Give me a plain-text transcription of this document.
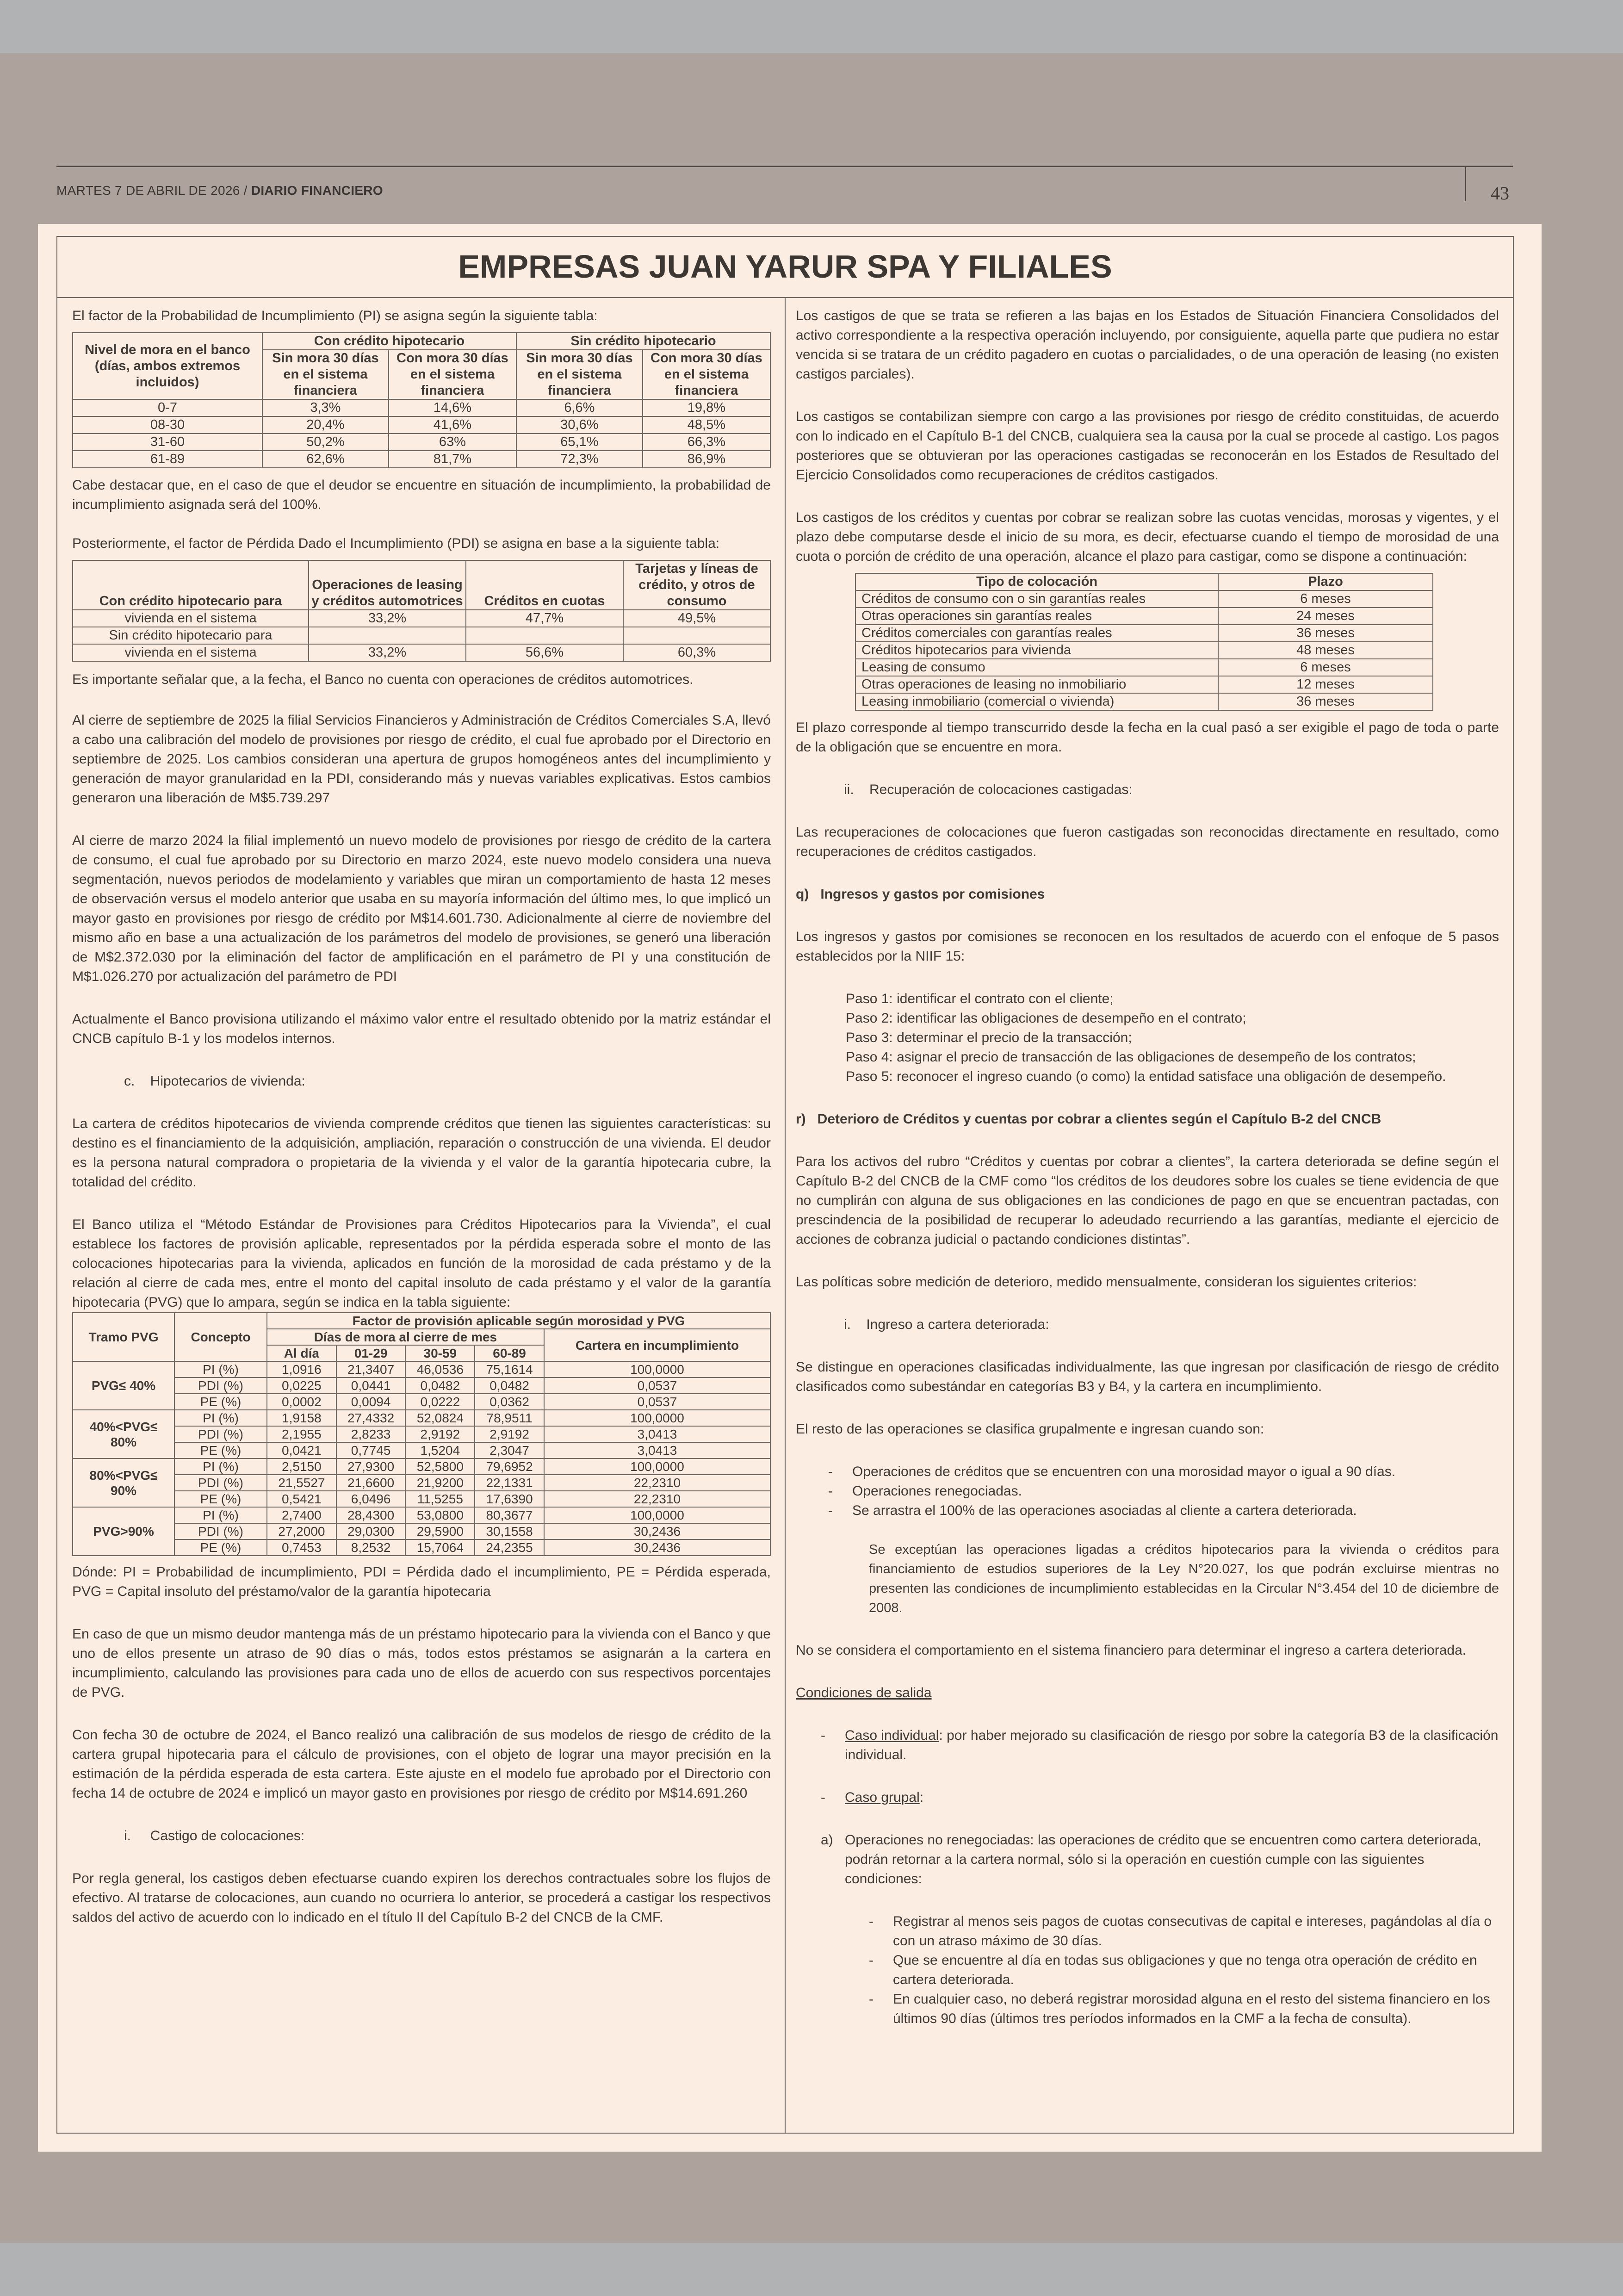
MARTES 7 DE ABRIL DE 2026 / DIARIO FINANCIERO	43
EMPRESAS JUAN YARUR SPA Y FILIALES

El factor de la Probabilidad de Incumplimiento (PI) se asigna según la siguiente tabla:

Nivel de mora en el banco (días, ambos extremos incluidos)	Con crédito hipotecario		Sin crédito hipotecario	
	Sin mora 30 días en el sistema financiera	Con mora 30 días en el sistema financiera	Sin mora 30 días en el sistema financiera	Con mora 30 días en el sistema financiera
0-7	3,3%	14,6%	6,6%	19,8%
08-30	20,4%	41,6%	30,6%	48,5%
31-60	50,2%	63%	65,1%	66,3%
61-89	62,6%	81,7%	72,3%	86,9%

Cabe destacar que, en el caso de que el deudor se encuentre en situación de incumplimiento, la probabilidad de incumplimiento asignada será del 100%.

Posteriormente, el factor de Pérdida Dado el Incumplimiento (PDI) se asigna en base a la siguiente tabla:

Con crédito hipotecario para	Operaciones de leasing y créditos automotrices	Créditos en cuotas	Tarjetas y líneas de crédito, y otros de consumo
vivienda en el sistema	33,2%	47,7%	49,5%
Sin crédito hipotecario para			
vivienda en el sistema	33,2%	56,6%	60,3%

Es importante señalar que, a la fecha, el Banco no cuenta con operaciones de créditos automotrices.

Al cierre de septiembre de 2025 la filial Servicios Financieros y Administración de Créditos Comerciales S.A, llevó a cabo una calibración del modelo de provisiones por riesgo de crédito, el cual fue aprobado por el Directorio en septiembre de 2025. Los cambios consideran una apertura de grupos homogéneos antes del incumplimiento y generación de mayor granularidad en la PDI, considerando más y nuevas variables explicativas. Estos cambios generaron una liberación de M$5.739.297

Al cierre de marzo 2024 la filial implementó un nuevo modelo de provisiones por riesgo de crédito de la cartera de consumo, el cual fue aprobado por su Directorio en marzo 2024, este nuevo modelo considera una nueva segmentación, nuevos periodos de modelamiento y variables que miran un comportamiento de hasta 12 meses de observación versus el modelo anterior que usaba en su mayoría información del último mes, lo que implicó un mayor gasto en provisiones por riesgo de crédito por M$14.601.730. Adicionalmente al cierre de noviembre del mismo año en base a una actualización de los parámetros del modelo de provisiones, se generó una liberación de M$2.372.030 por la eliminación del factor de amplificación en el parámetro de PI y una constitución de M$1.026.270 por actualización del parámetro de PDI

Actualmente el Banco provisiona utilizando el máximo valor entre el resultado obtenido por la matriz estándar el CNCB capítulo B-1 y los modelos internos.

c.    Hipotecarios de vivienda:

La cartera de créditos hipotecarios de vivienda comprende créditos que tienen las siguientes características: su destino es el financiamiento de la adquisición, ampliación, reparación o construcción de una vivienda. El deudor es la persona natural compradora o propietaria de la vivienda y el valor de la garantía hipotecaria cubre, la totalidad del crédito.

El Banco utiliza el “Método Estándar de Provisiones para Créditos Hipotecarios para la Vivienda”, el cual establece los factores de provisión aplicable, representados por la pérdida esperada sobre el monto de las colocaciones hipotecarias para la vivienda, aplicados en función de la morosidad de cada préstamo y de la relación al cierre de cada mes, entre el monto del capital insoluto de cada préstamo y el valor de la garantía hipotecaria (PVG) que lo ampara, según se indica en la tabla siguiente:

Tramo PVG	Concepto	Factor de provisión aplicable según morosidad y PVG				
		Días de mora al cierre de mes				Cartera en incumplimiento
		Al día	01-29	30-59	60-89	
PVG≤ 40%	PI (%)	1,0916	21,3407	46,0536	75,1614	100,0000
	PDI (%)	0,0225	0,0441	0,0482	0,0482	0,0537
	PE (%)	0,0002	0,0094	0,0222	0,0362	0,0537
40%<PVG≤ 80%	PI (%)	1,9158	27,4332	52,0824	78,9511	100,0000
	PDI (%)	2,1955	2,8233	2,9192	2,9192	3,0413
	PE (%)	0,0421	0,7745	1,5204	2,3047	3,0413
80%<PVG≤ 90%	PI (%)	2,5150	27,9300	52,5800	79,6952	100,0000
	PDI (%)	21,5527	21,6600	21,9200	22,1331	22,2310
	PE (%)	0,5421	6,0496	11,5255	17,6390	22,2310
PVG>90%	PI (%)	2,7400	28,4300	53,0800	80,3677	100,0000
	PDI (%)	27,2000	29,0300	29,5900	30,1558	30,2436
	PE (%)	0,7453	8,2532	15,7064	24,2355	30,2436

Dónde: PI = Probabilidad de incumplimiento, PDI = Pérdida dado el incumplimiento, PE = Pérdida esperada, PVG = Capital insoluto del préstamo/valor de la garantía hipotecaria

En caso de que un mismo deudor mantenga más de un préstamo hipotecario para la vivienda con el Banco y que uno de ellos presente un atraso de 90 días o más, todos estos préstamos se asignarán a la cartera en incumplimiento, calculando las provisiones para cada uno de ellos de acuerdo con sus respectivos porcentajes de PVG.

Con fecha 30 de octubre de 2024, el Banco realizó una calibración de sus modelos de riesgo de crédito de la cartera grupal hipotecaria para el cálculo de provisiones, con el objeto de lograr una mayor precisión en la estimación de la pérdida esperada de esta cartera. Este ajuste en el modelo fue aprobado por el Directorio con fecha 14 de octubre de 2024 e implicó un mayor gasto en provisiones por riesgo de crédito por M$14.691.260

i.     Castigo de colocaciones:

Por regla general, los castigos deben efectuarse cuando expiren los derechos contractuales sobre los flujos de efectivo. Al tratarse de colocaciones, aun cuando no ocurriera lo anterior, se procederá a castigar los respectivos saldos del activo de acuerdo con lo indicado en el título II del Capítulo B-2 del CNCB de la CMF.

Los castigos de que se trata se refieren a las bajas en los Estados de Situación Financiera Consolidados del activo correspondiente a la respectiva operación incluyendo, por consiguiente, aquella parte que pudiera no estar vencida si se tratara de un crédito pagadero en cuotas o parcialidades, o de una operación de leasing (no existen castigos parciales).

Los castigos se contabilizan siempre con cargo a las provisiones por riesgo de crédito constituidas, de acuerdo con lo indicado en el Capítulo B-1 del CNCB, cualquiera sea la causa por la cual se procede al castigo. Los pagos posteriores que se obtuvieran por las operaciones castigadas se reconocerán en los Estados de Resultado del Ejercicio Consolidados como recuperaciones de créditos castigados.

Los castigos de los créditos y cuentas por cobrar se realizan sobre las cuotas vencidas, morosas y vigentes, y el plazo debe computarse desde el inicio de su mora, es decir, efectuarse cuando el tiempo de morosidad de una cuota o porción de crédito de una operación, alcance el plazo para castigar, como se dispone a continuación:

Tipo de colocación	Plazo
Créditos de consumo con o sin garantías reales	6 meses
Otras operaciones sin garantías reales	24 meses
Créditos comerciales con garantías reales	36 meses
Créditos hipotecarios para vivienda	48 meses
Leasing de consumo	6 meses
Otras operaciones de leasing no inmobiliario	12 meses
Leasing inmobiliario (comercial o vivienda)	36 meses

El plazo corresponde al tiempo transcurrido desde la fecha en la cual pasó a ser exigible el pago de toda o parte de la obligación que se encuentre en mora.

ii.    Recuperación de colocaciones castigadas:

Las recuperaciones de colocaciones que fueron castigadas son reconocidas directamente en resultado, como recuperaciones de créditos castigados.

q)   Ingresos y gastos por comisiones

Los ingresos y gastos por comisiones se reconocen en los resultados de acuerdo con el enfoque de 5 pasos establecidos por la NIIF 15:

Paso 1: identificar el contrato con el cliente;
Paso 2: identificar las obligaciones de desempeño en el contrato;
Paso 3: determinar el precio de la transacción;
Paso 4: asignar el precio de transacción de las obligaciones de desempeño de los contratos;
Paso 5: reconocer el ingreso cuando (o como) la entidad satisface una obligación de desempeño.
r)   Deterioro de Créditos y cuentas por cobrar a clientes según el Capítulo B-2 del CNCB

Para los activos del rubro “Créditos y cuentas por cobrar a clientes”, la cartera deteriorada se define según el Capítulo B-2 del CNCB de la CMF como “los créditos de los deudores sobre los cuales se tiene evidencia de que no cumplirán con alguna de sus obligaciones en las condiciones de pago en que se encuentran pactadas, con prescindencia de la posibilidad de recuperar lo adeudado recurriendo a las garantías, mediante el ejercicio de acciones de cobranza judicial o pactando condiciones distintas”.

Las políticas sobre medición de deterioro, medido mensualmente, consideran los siguientes criterios:

i.    Ingreso a cartera deteriorada:

Se distingue en operaciones clasificadas individualmente, las que ingresan por clasificación de riesgo de crédito clasificados como subestándar en categorías B3 y B4, y la cartera en incumplimiento.

El resto de las operaciones se clasifica grupalmente e ingresan cuando son:

-	Operaciones de créditos que se encuentren con una morosidad mayor o igual a 90 días.
-	Operaciones renegociadas.
-	Se arrastra el 100% de las operaciones asociadas al cliente a cartera deteriorada.

Se exceptúan las operaciones ligadas a créditos hipotecarios para la vivienda o créditos para financiamiento de estudios superiores de la Ley N°20.027, los que podrán excluirse mientras no presenten las condiciones de incumplimiento establecidas en la Circular N°3.454 del 10 de diciembre de 2008.

No se considera el comportamiento en el sistema financiero para determinar el ingreso a cartera deteriorada.

Condiciones de salida

-	Caso individual: por haber mejorado su clasificación de riesgo por sobre la categoría B3 de la clasificación individual.
-	Caso grupal:
a) Operaciones no renegociadas: las operaciones de crédito que se encuentren como cartera deteriorada, podrán retornar a la cartera normal, sólo si la operación en cuestión cumple con las siguientes condiciones:
-	Registrar al menos seis pagos de cuotas consecutivas de capital e intereses, pagándolas al día o con un atraso máximo de 30 días.
-	Que se encuentre al día en todas sus obligaciones y que no tenga otra operación de crédito en cartera deteriorada.
-	En cualquier caso, no deberá registrar morosidad alguna en el resto del sistema financiero en los últimos 90 días (últimos tres períodos informados en la CMF a la fecha de consulta).
